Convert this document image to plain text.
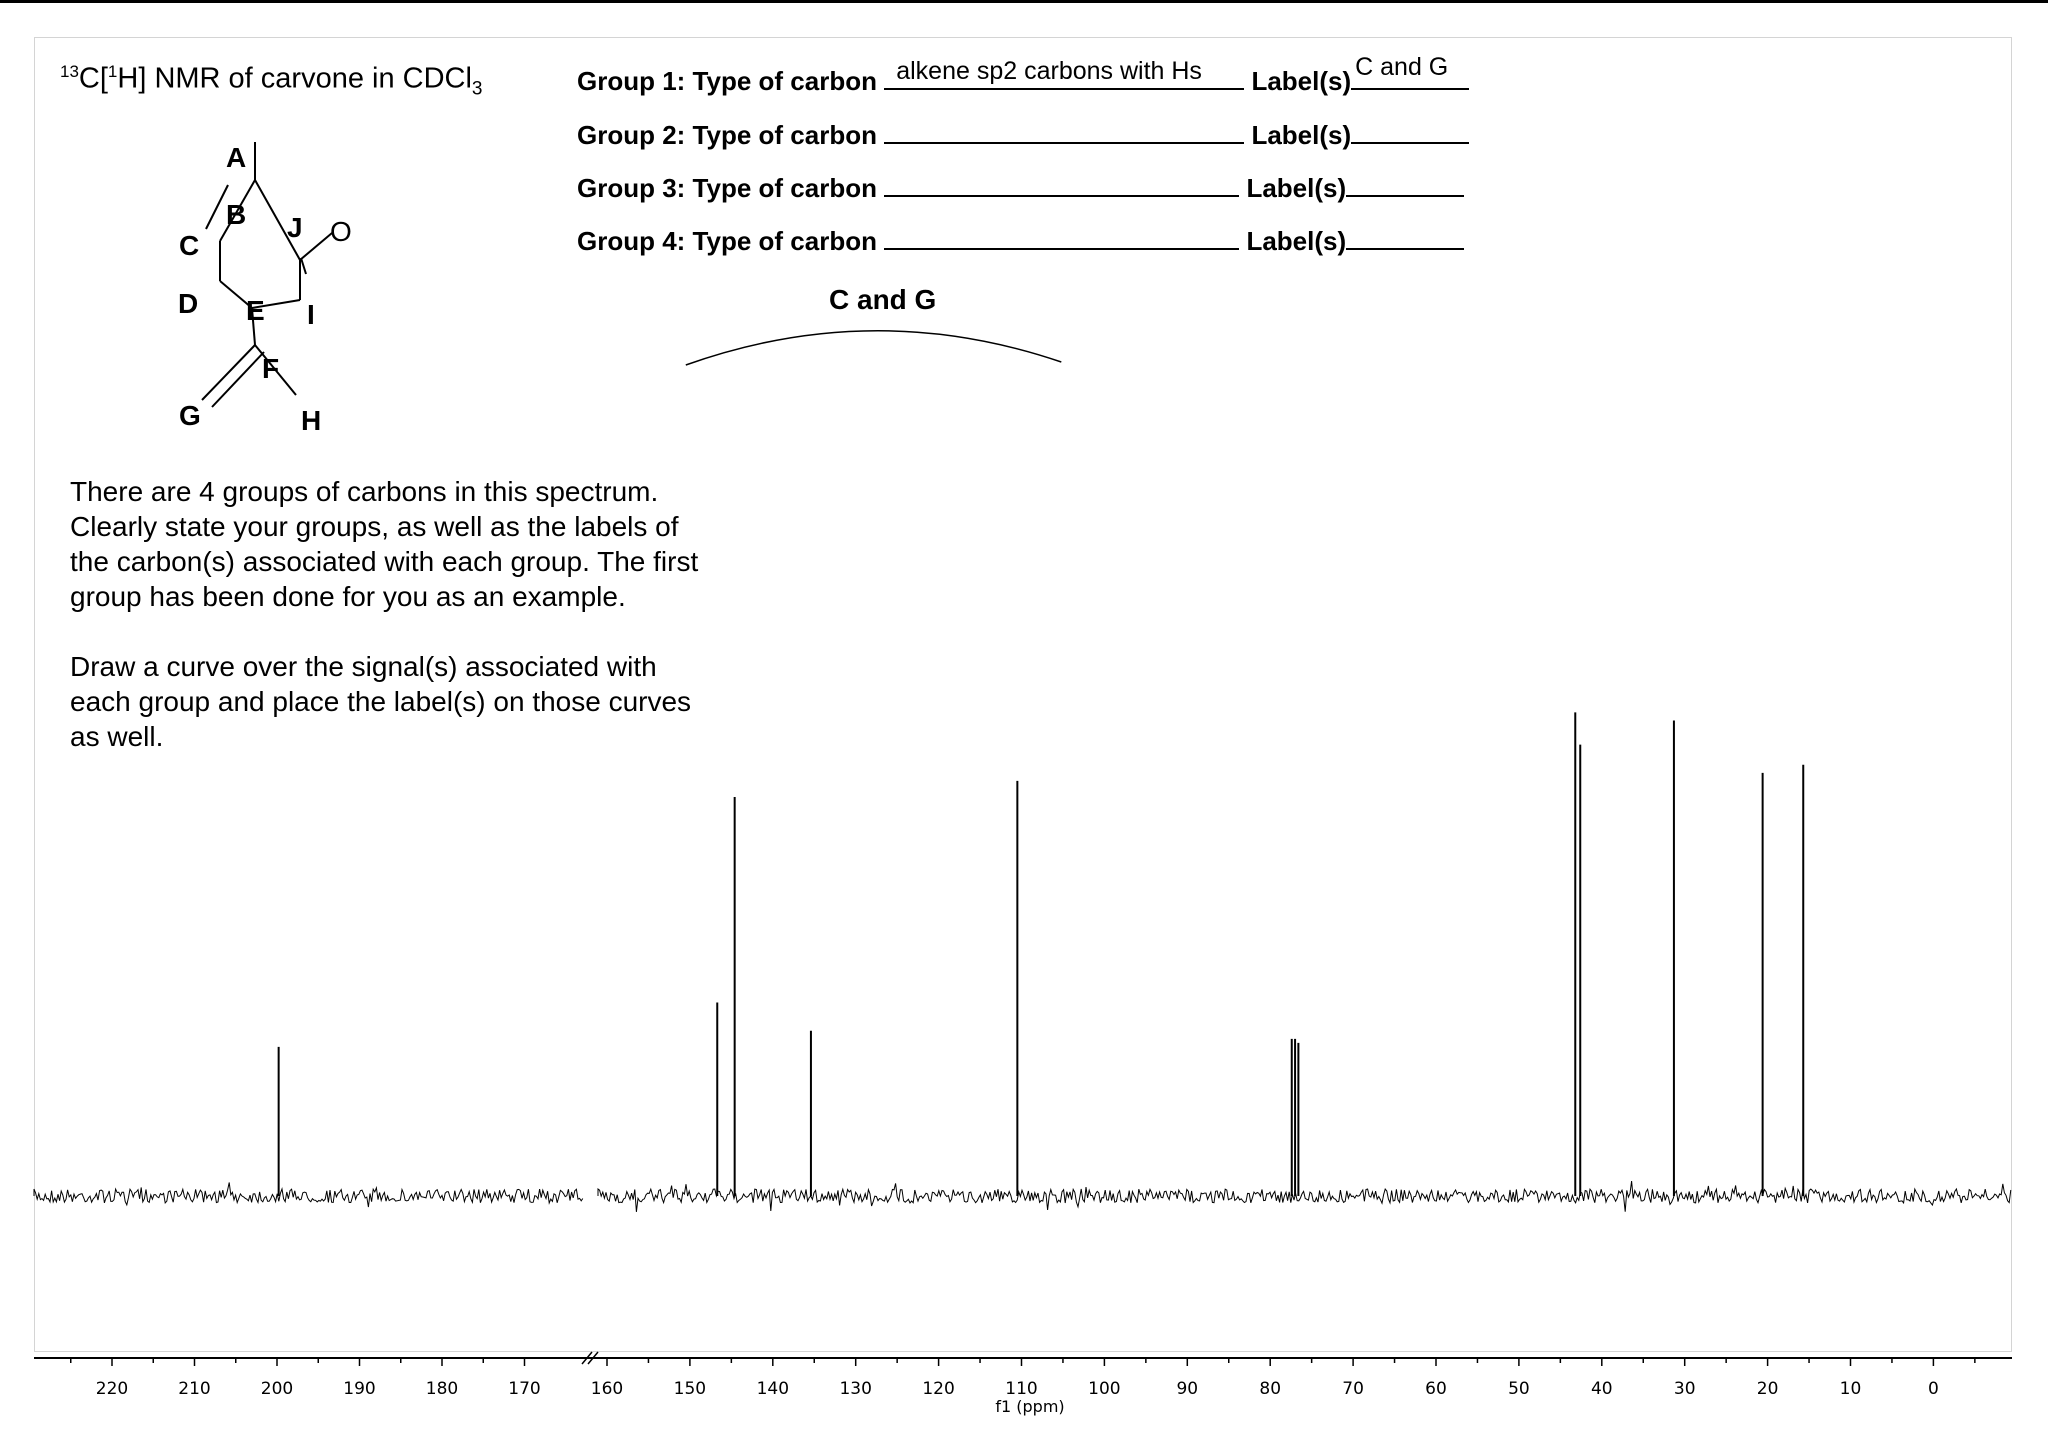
$^{13}$C[$^1$H] NMR of carvone in CDCl$_3$	Group 1: Type of carbon alkene sp2 carbons with Hs Label(s) C and G
Group 2: Type of carbon	Label(s)
Group 3: Type of carbon	Label(s)
Group 4: Type of carbon	Label(s)

There are 4 groups of carbons in this spectrum. Clearly state your groups, as well as the labels of the carbon(s) associated with each group. The first group has been done for you as an example.

Draw a curve over the signal(s) associated with each group and place the label(s) on those curves as well.

A
B
C
D E
F
G	H
I
J O
C and G
220	210	200	190	180	170	160	150	140	130	120	110	100	90	80	70	60	50	40	30	20	10	0
f1 (ppm)
